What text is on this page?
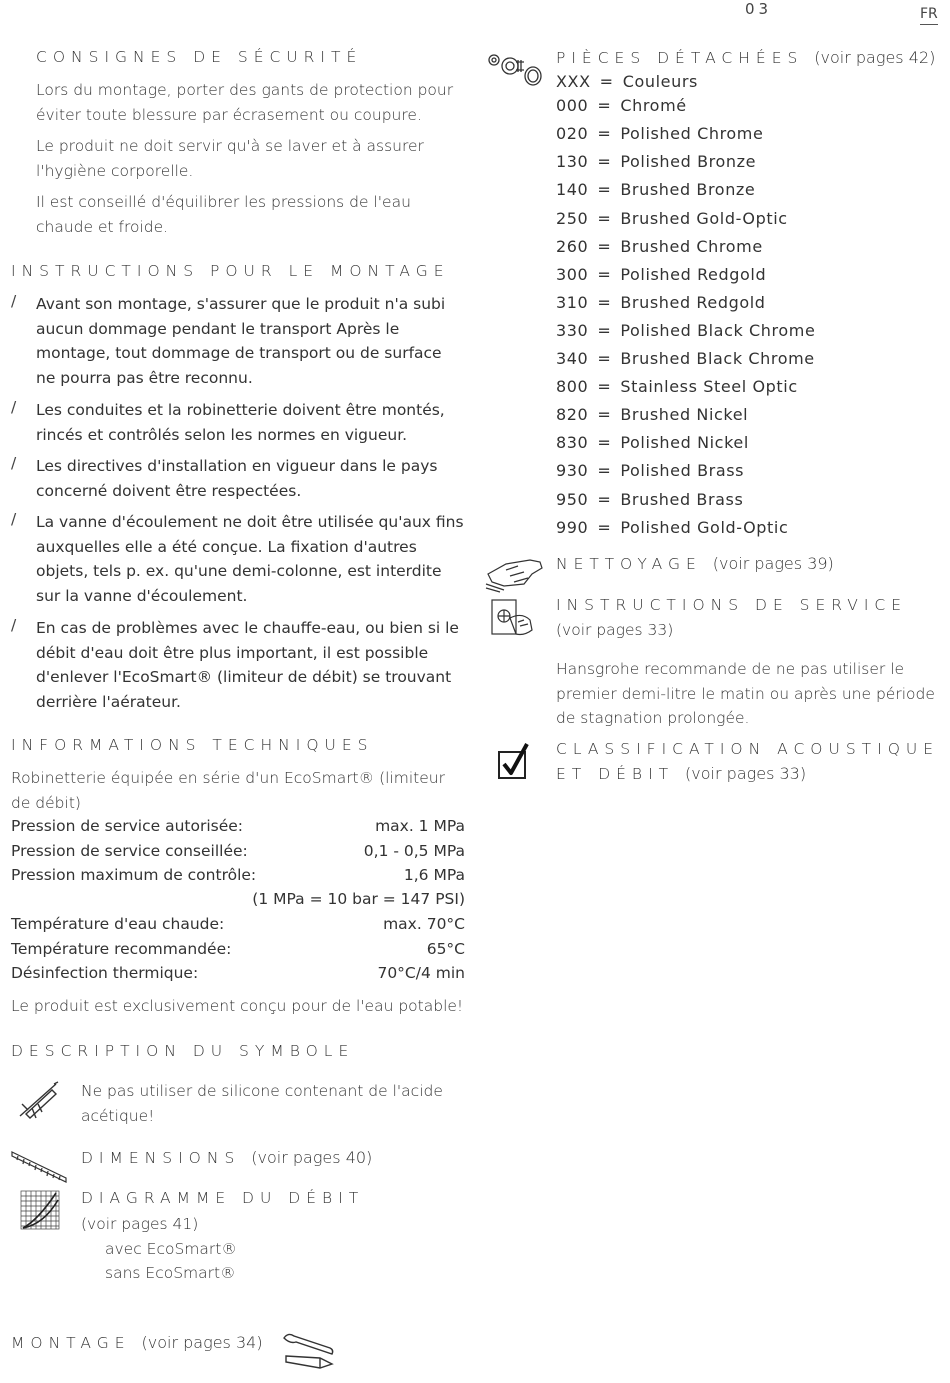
03	FR
CONSIGNES DE SÉCURITÉ
Lors du montage, porter des gants de protection pour éviter toute blessure par écrasement ou coupure.
Le produit ne doit servir qu'à se laver et à assurer l'hygiène corporelle.
Il est conseillé d'équilibrer les pressions de l'eau chaude et froide.
INSTRUCTIONS POUR LE MONTAGE
/ Avant son montage, s'assurer que le produit n'a subi aucun dommage pendant le transport Après le montage, tout dommage de transport ou de surface ne pourra pas être reconnu.
/ Les conduites et la robinetterie doivent être montés, rincés et contrôlés selon les normes en vigueur.
/ Les directives d'installation en vigueur dans le pays concerné doivent être respectées.
/ La vanne d'écoulement ne doit être utilisée qu'aux fins auxquelles elle a été conçue. La fixation d'autres objets, tels p. ex. qu'une demi-colonne, est interdite sur la vanne d'écoulement.
/ En cas de problèmes avec le chauffe-eau, ou bien si le débit d'eau doit être plus important, il est possible d'enlever l'EcoSmart® (limiteur de débit) se trouvant derrière l'aérateur.
INFORMATIONS TECHNIQUES
Robinetterie équipée en série d'un EcoSmart® (limiteur de débit)
Pression de service autorisée:	max. 1 MPa
Pression de service conseillée:	0,1 - 0,5 MPa
Pression maximum de contrôle:	1,6 MPa
(1 MPa = 10 bar = 147 PSI)
Température d'eau chaude:	max. 70°C
Température recommandée:	65°C
Désinfection thermique:	70°C/4 min
Le produit est exclusivement conçu pour de l'eau potable!
DESCRIPTION DU SYMBOLE
Ne pas utiliser de silicone contenant de l'acide acétique!
DIMENSIONS (voir pages 40)
DIAGRAMME DU DÉBIT
(voir pages 41)
avec EcoSmart®
sans EcoSmart®
MONTAGE (voir pages 34)
PIÈCES DÉTACHÉES (voir pages 42)
XXX = Couleurs
000 = Chromé
020 = Polished Chrome
130 = Polished Bronze
140 = Brushed Bronze
250 = Brushed Gold-Optic
260 = Brushed Chrome
300 = Polished Redgold
310 = Brushed Redgold
330 = Polished Black Chrome
340 = Brushed Black Chrome
800 = Stainless Steel Optic
820 = Brushed Nickel
830 = Polished Nickel
930 = Polished Brass
950 = Brushed Brass
990 = Polished Gold-Optic
NETTOYAGE (voir pages 39)
INSTRUCTIONS DE SERVICE
(voir pages 33)
Hansgrohe recommande de ne pas utiliser le premier demi-litre le matin ou après une période de stagnation prolongée.
CLASSIFICATION ACOUSTIQUE
ET DÉBIT (voir pages 33)
